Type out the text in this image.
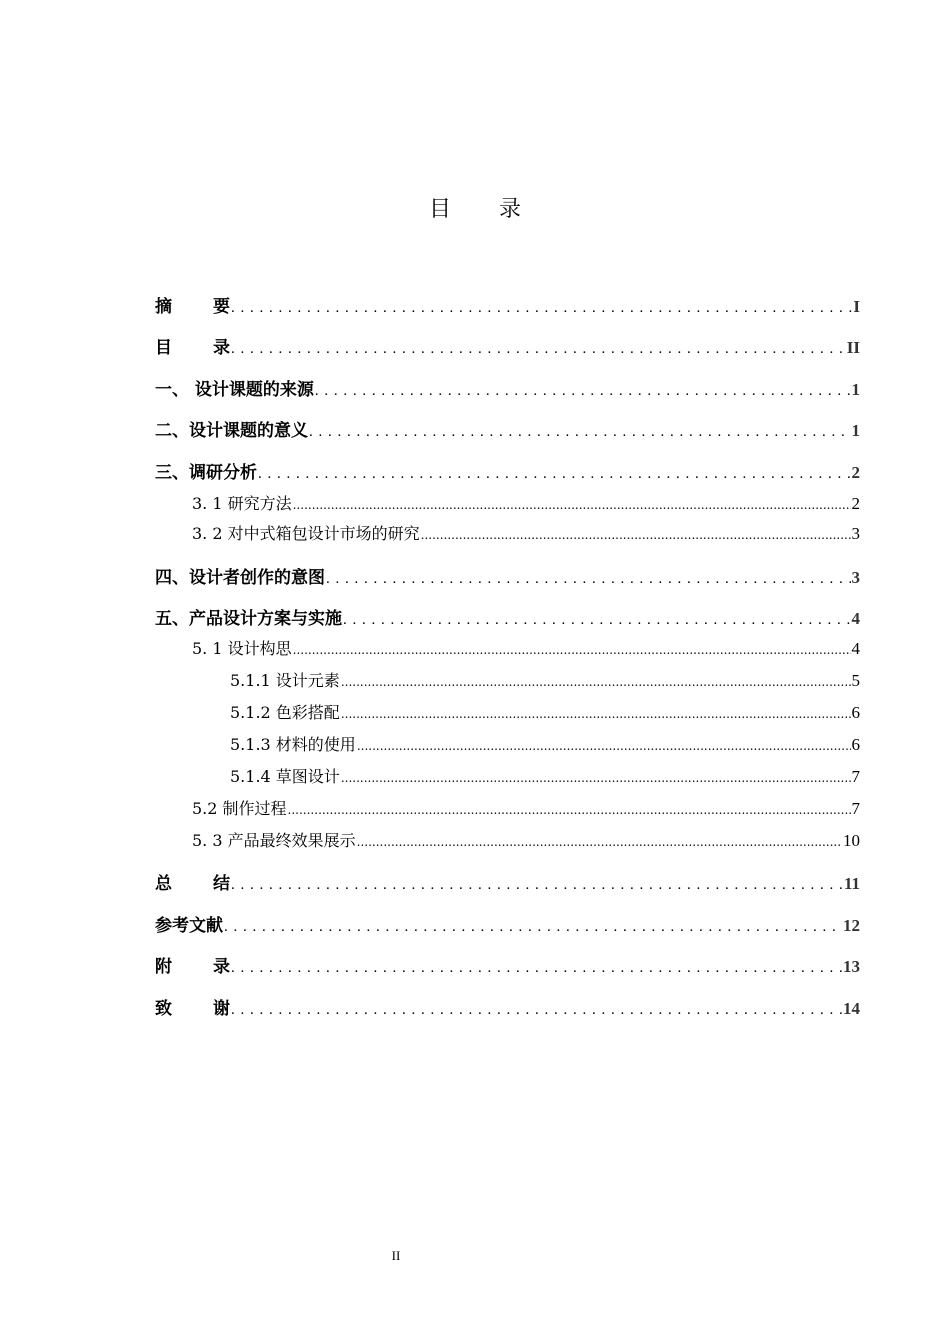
目 录
摘 要 . . .	I
目 录 . . .	II
一、 设计课题的来源 . . .	1
二、设计课题的意义 . . .	1
三、调研分析 . . .	2
3. 1 研究方法 .....	2
3. 2 对中式箱包设计市场的研究 .....	3
四、设计者创作的意图 . . .	3
五、产品设计方案与实施 . . .	4
5. 1 设计构思 .....	4
5.1.1 设计元素 .....	5
5.1.2 色彩搭配 .....	6
5.1.3 材料的使用 .....	6
5.1.4 草图设计 .....	7
5.2 制作过程 .....	7
5. 3 产品最终效果展示 .....	10
总 结 . . .	11
参考文献 . . .	12
附 录 . . .	13
致 谢 . . .	14
II
